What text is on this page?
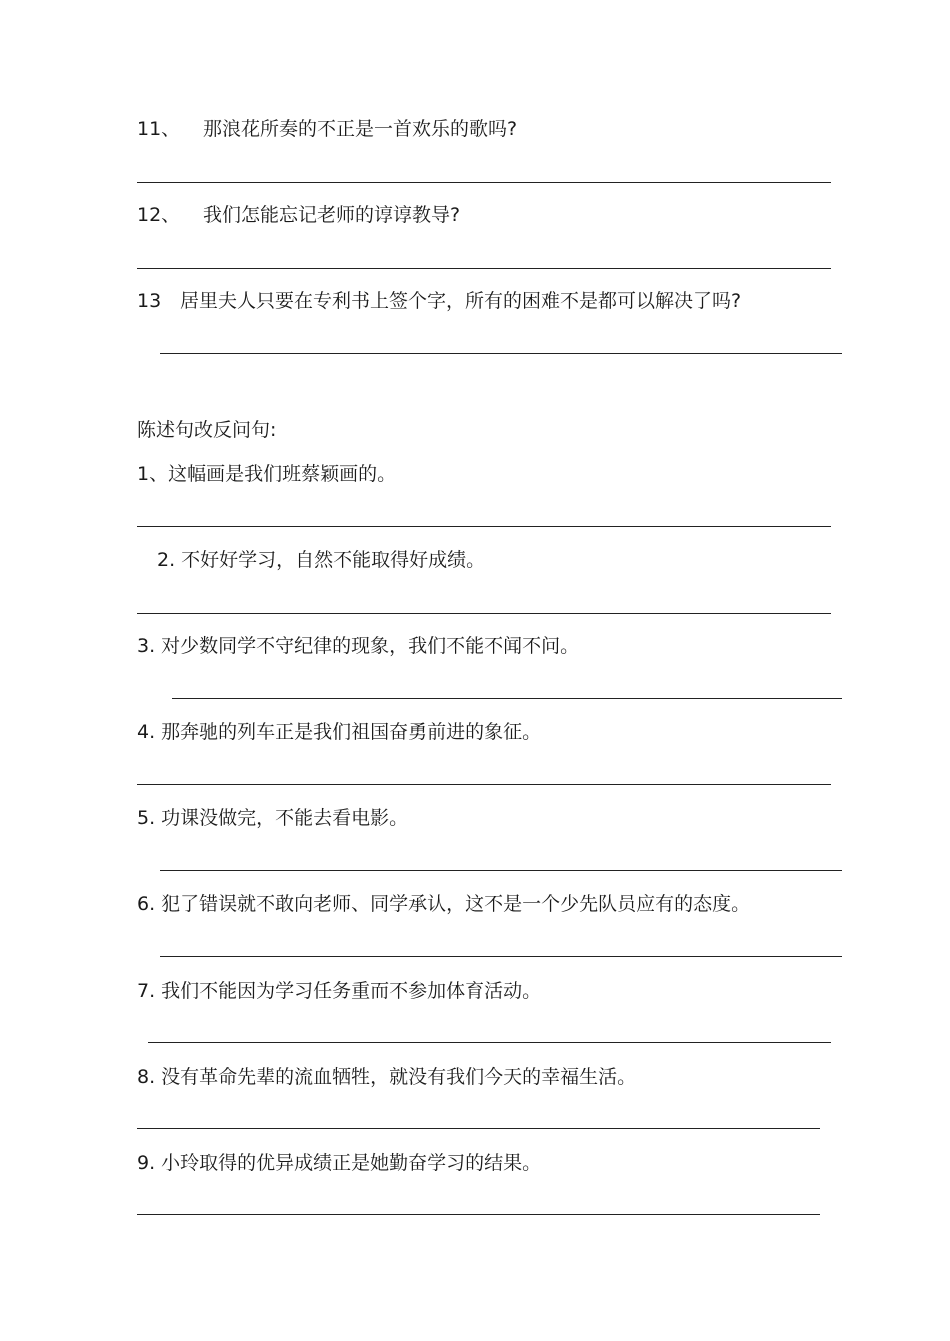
11、 那浪花所奏的不正是一首欢乐的歌吗?
12、 我们怎能忘记老师的谆谆教导?
13 居里夫人只要在专利书上签个字，所有的困难不是都可以解决了吗?
陈述句改反问句:
1、这幅画是我们班蔡颖画的。
2. 不好好学习，自然不能取得好成绩。
3. 对少数同学不守纪律的现象，我们不能不闻不问。
4. 那奔驰的列车正是我们祖国奋勇前进的象征。
5. 功课没做完，不能去看电影。
6. 犯了错误就不敢向老师、同学承认，这不是一个少先队员应有的态度。
7. 我们不能因为学习任务重而不参加体育活动。
8. 没有革命先辈的流血牺牲，就没有我们今天的幸福生活。
9. 小玲取得的优异成绩正是她勤奋学习的结果。
